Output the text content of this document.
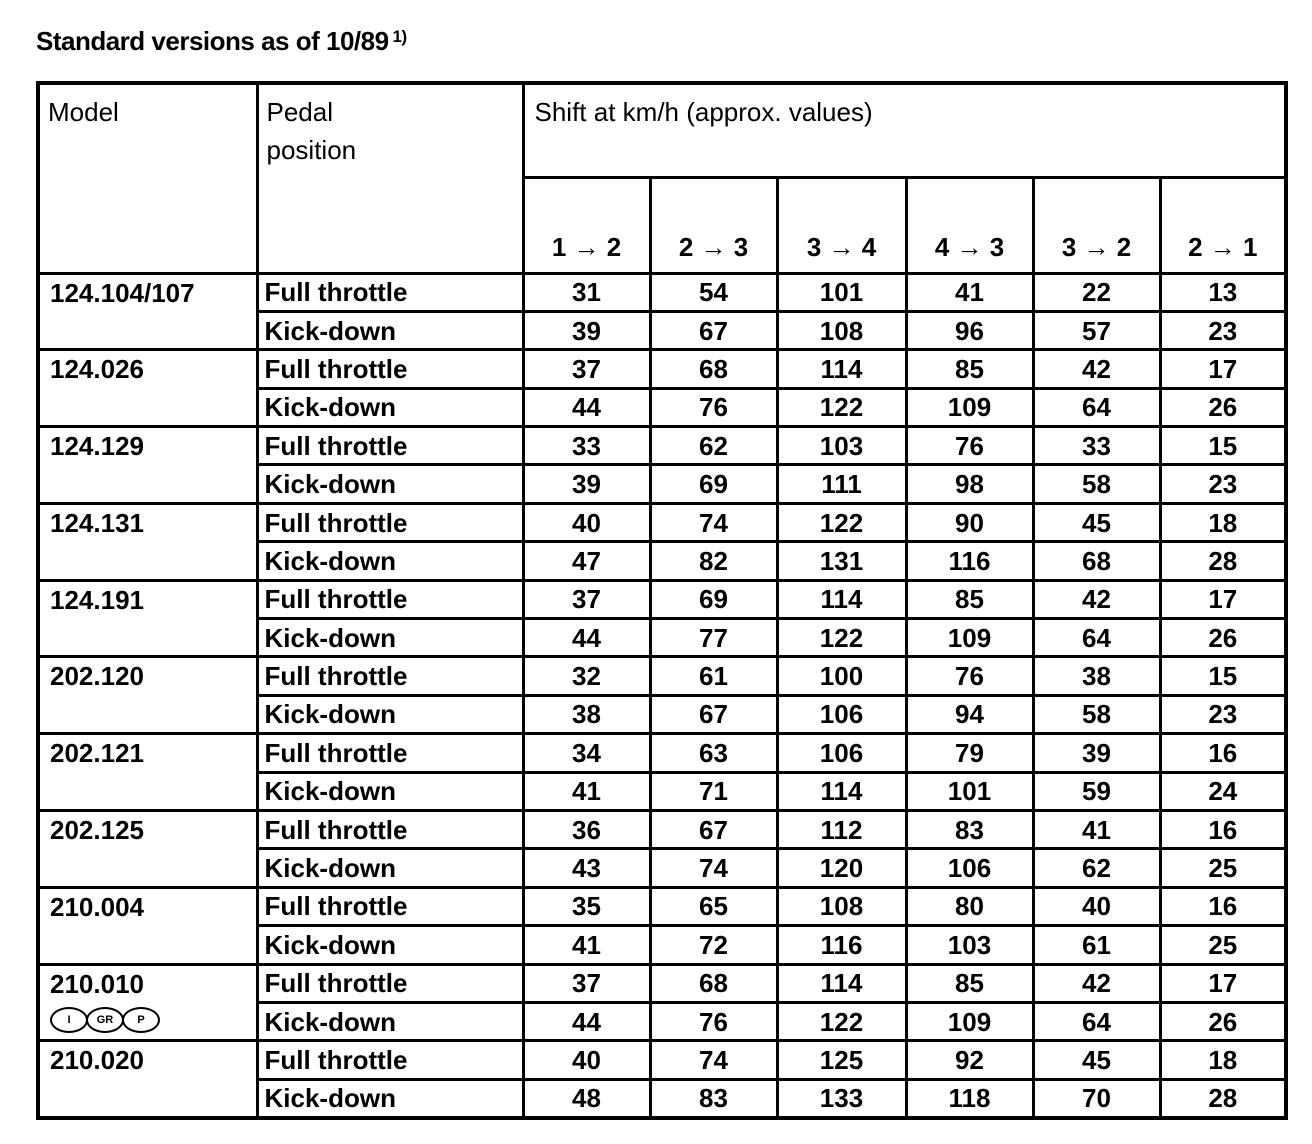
Standard versions as of 10/89 $^{1)}$
Model	Pedal
position	Shift at km/h (approx. values)					
		1 → 2	2 → 3	3 → 4	4 → 3	3 → 2	2 → 1
124.104/107	Full throttle	31	54	101	41	22	13
	Kick-down	39	67	108	96	57	23
124.026	Full throttle	37	68	114	85	42	17
	Kick-down	44	76	122	109	64	26
124.129	Full throttle	33	62	103	76	33	15
	Kick-down	39	69	111	98	58	23
124.131	Full throttle	40	74	122	90	45	18
	Kick-down	47	82	131	116	68	28
124.191	Full throttle	37	69	114	85	42	17
	Kick-down	44	77	122	109	64	26
202.120	Full throttle	32	61	100	76	38	15
	Kick-down	38	67	106	94	58	23
202.121	Full throttle	34	63	106	79	39	16
	Kick-down	41	71	114	101	59	24
202.125	Full throttle	36	67	112	83	41	16
	Kick-down	43	74	120	106	62	25
210.004	Full throttle	35	65	108	80	40	16
	Kick-down	41	72	116	103	61	25
210.010
I GR P	Full throttle	37	68	114	85	42	17
	Kick-down	44	76	122	109	64	26
210.020	Full throttle	40	74	125	92	45	18
	Kick-down	48	83	133	118	70	28
